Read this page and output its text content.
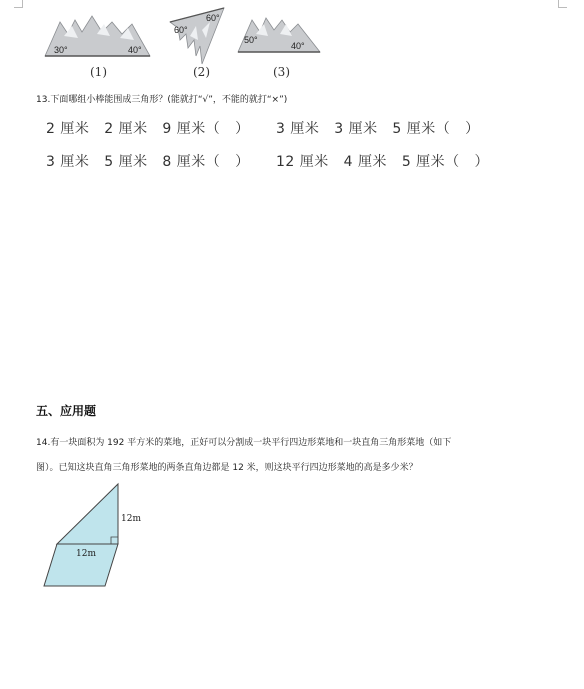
30°	40°
(1)
60°
60°
(2)
50°
40°
(3)
13.下面哪组小棒能围成三角形？(能就打“√”，不能的就打“×”)
2 厘米   2 厘米   9 厘米（   ） 3 厘米   3 厘米   5 厘米（   ）
3 厘米   5 厘米   8 厘米（   ） 12 厘米   4 厘米   5 厘米（   ）
五、应用题
14.有一块面积为 192 平方米的菜地，正好可以分割成一块平行四边形菜地和一块直角三角形菜地（如下
图）。已知这块直角三角形菜地的两条直角边都是 12 米，则这块平行四边形菜地的高是多少米？
12m
12m
